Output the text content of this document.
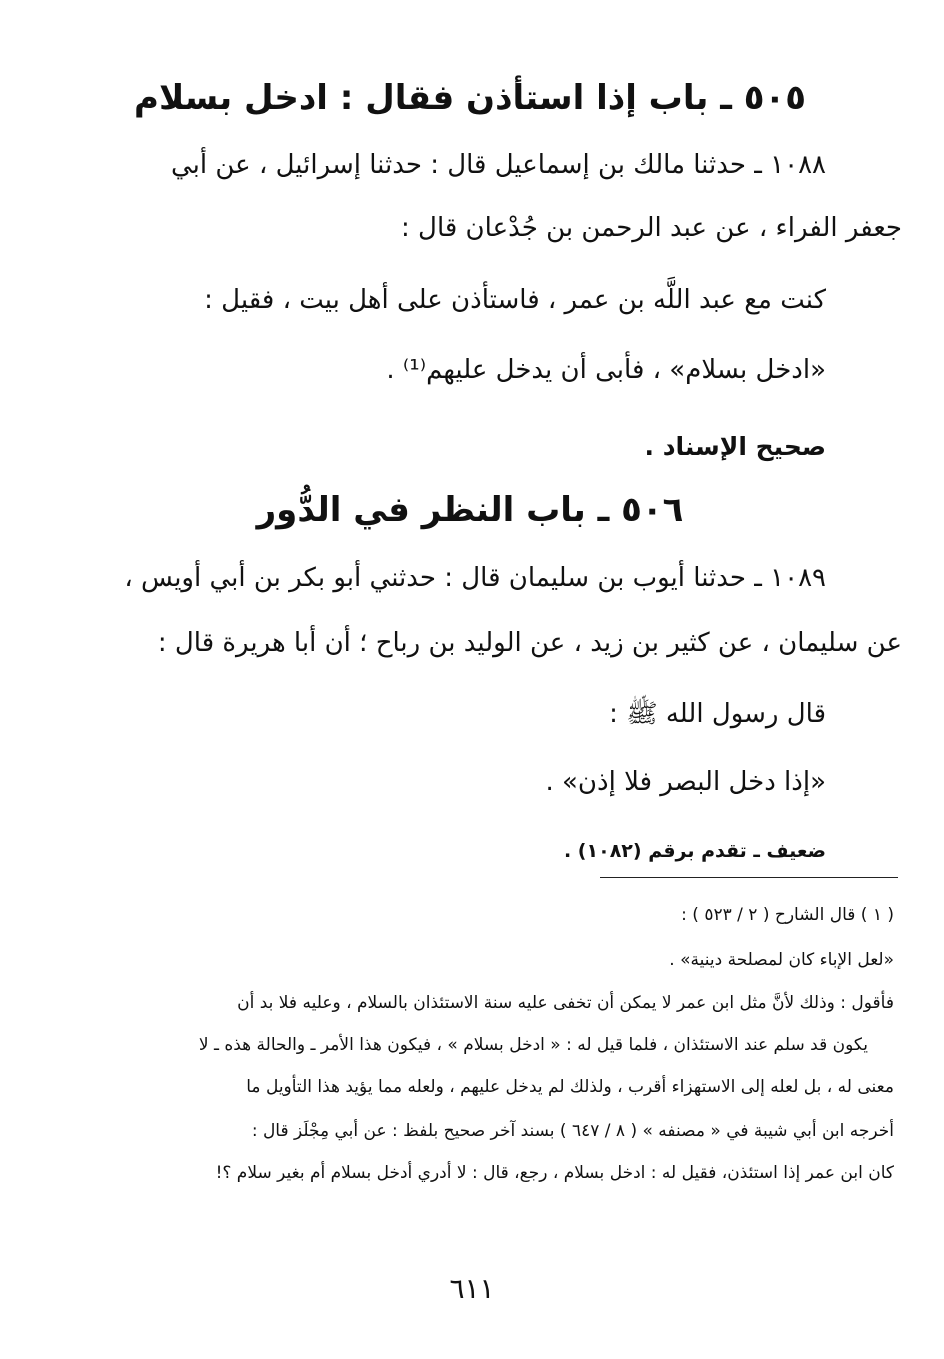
٥٠٥ ـ باب إذا استأذن فقال : ادخل بسلام
١٠٨٨ ـ حدثنا مالك بن إسماعيل قال : حدثنا إسرائيل ، عن أبي
جعفر الفراء ، عن عبد الرحمن بن جُدْعان قال :
كنت مع عبد اللَّه بن عمر ، فاستأذن على أهل بيت ، فقيل :
«ادخل بسلام» ، فأبى أن يدخل عليهم⁽¹⁾ .
صحيح الإسناد .
٥٠٦ ـ باب النظر في الدُّور
١٠٨٩ ـ حدثنا أيوب بن سليمان قال : حدثني أبو بكر بن أبي أويس ،
عن سليمان ، عن كثير بن زيد ، عن الوليد بن رباح ؛ أن أبا هريرة قال :
قال رسول الله ﷺ :
«إذا دخل البصر فلا إذن» .
ضعيف ـ تقدم برقم (١٠٨٢) .
( ١ ) قال الشارح ( ٢ / ٥٢٣ ) :
«لعل الإباء كان لمصلحة دينية» .
فأقول : وذلك لأنَّ مثل ابن عمر لا يمكن أن تخفى عليه سنة الاستئذان بالسلام ، وعليه فلا بد أن
يكون قد سلم عند الاستئذان ، فلما قيل له : « ادخل بسلام » ، فيكون هذا الأمر ـ والحالة هذه ـ لا
معنى له ، بل لعله إلى الاستهزاء أقرب ، ولذلك لم يدخل عليهم ، ولعله مما يؤيد هذا التأويل ما
أخرجه ابن أبي شيبة في « مصنفه » ( ٨ / ٦٤٧ ) بسند آخر صحيح بلفظ : عن أبي مِجْلَز قال :
كان ابن عمر إذا استئذن، فقيل له : ادخل بسلام ، رجع، قال : لا أدري أدخل بسلام أم بغير سلام ؟!
٦١١
